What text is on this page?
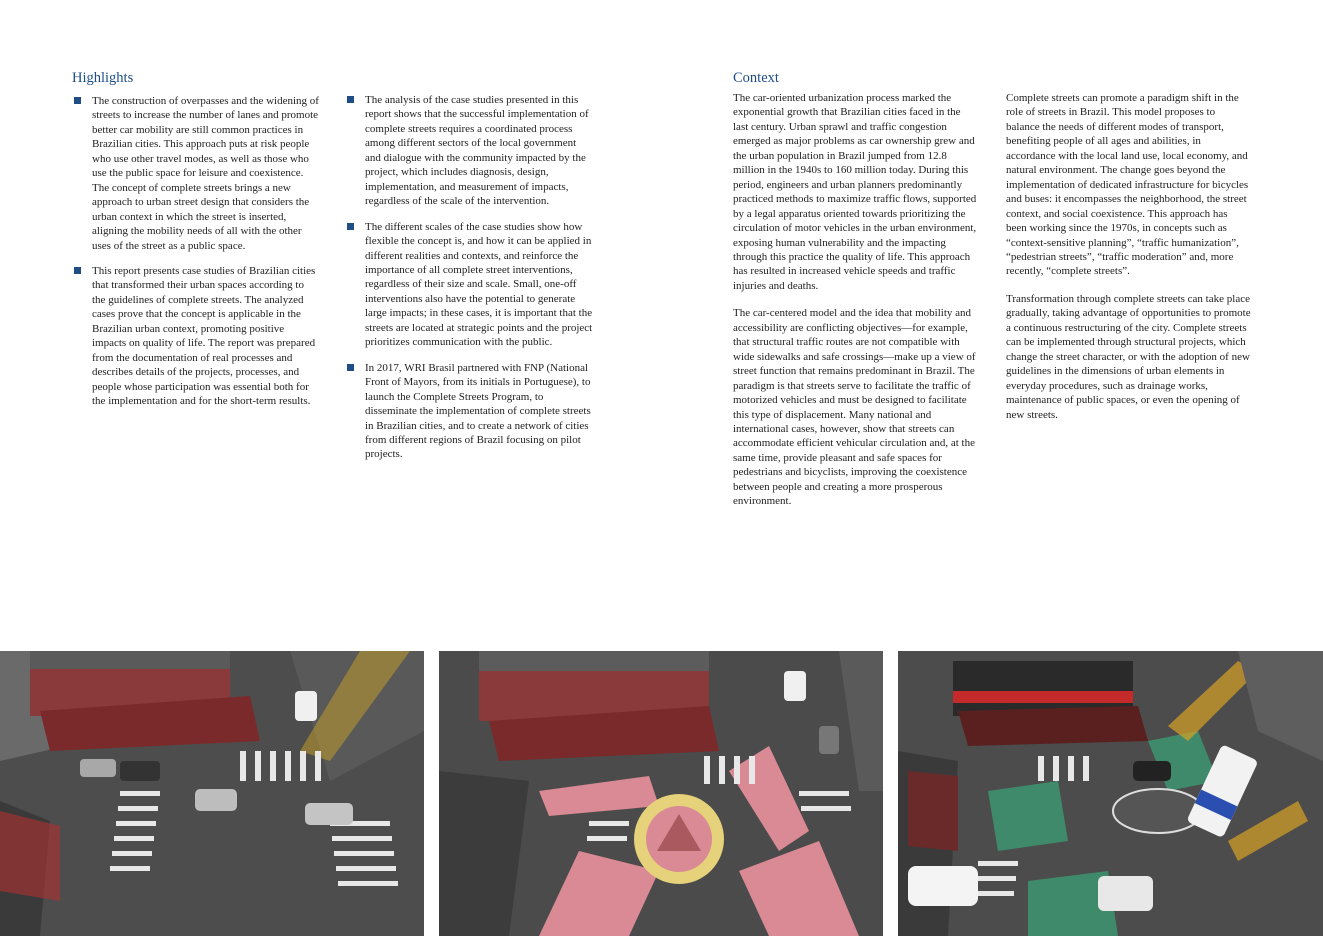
Highlights
The construction of overpasses and the widening of streets to increase the number of lanes and promote better car mobility are still common practices in Brazilian cities. This approach puts at risk people who use other travel modes, as well as those who use the public space for leisure and coexistence. The concept of complete streets brings a new approach to urban street design that considers the urban context in which the street is inserted, aligning the mobility needs of all with the other uses of the street as a public space.
This report presents case studies of Brazilian cities that transformed their urban spaces according to the guidelines of complete streets. The analyzed cases prove that the concept is applicable in the Brazilian urban context, promoting positive impacts on quality of life. The report was prepared from the documentation of real processes and describes details of the projects, processes, and people whose participation was essential both for the implementation and for the short-term results.
The analysis of the case studies presented in this report shows that the successful implementation of complete streets requires a coordinated process among different sectors of the local government and dialogue with the community impacted by the project, which includes diagnosis, design, implementation, and measurement of impacts, regardless of the scale of the intervention.
The different scales of the case studies show how flexible the concept is, and how it can be applied in different realities and contexts, and reinforce the importance of all complete street interventions, regardless of their size and scale. Small, one-off interventions also have the potential to generate large impacts; in these cases, it is important that the streets are located at strategic points and the project prioritizes communication with the public.
In 2017, WRI Brasil partnered with FNP (National Front of Mayors, from its initials in Portuguese), to launch the Complete Streets Program, to disseminate the implementation of complete streets in Brazilian cities, and to create a network of cities from different regions of Brazil focusing on pilot projects.
Context

The car-oriented urbanization process marked the exponential growth that Brazilian cities faced in the last century. Urban sprawl and traffic congestion emerged as major problems as car ownership grew and the urban population in Brazil jumped from 12.8 million in the 1940s to 160 million today. During this period, engineers and urban planners predominantly practiced methods to maximize traffic flows, supported by a legal apparatus oriented towards prioritizing the circulation of motor vehicles in the urban environment, exposing human vulnerability and the impacting through this practice the quality of life. This approach has resulted in increased vehicle speeds and traffic injuries and deaths.

The car-centered model and the idea that mobility and accessibility are conflicting objectives—for example, that structural traffic routes are not compatible with wide sidewalks and safe crossings—make up a view of street function that remains predominant in Brazil. The paradigm is that streets serve to facilitate the traffic of motorized vehicles and must be designed to facilitate this type of displacement. Many national and international cases, however, show that streets can accommodate efficient vehicular circulation and, at the same time, provide pleasant and safe spaces for pedestrians and bicyclists, improving the coexistence between people and creating a more prosperous environment.

Complete streets can promote a paradigm shift in the role of streets in Brazil. This model proposes to balance the needs of different modes of transport, benefiting people of all ages and abilities, in accordance with the local land use, local economy, and natural environment. The change goes beyond the implementation of dedicated infrastructure for bicycles and buses: it encompasses the neighborhood, the street context, and social coexistence. This approach has been working since the 1970s, in concepts such as “context-sensitive planning”, “traffic humanization”, “pedestrian streets”, “traffic moderation” and, more recently, “complete streets”.

Transformation through complete streets can take place gradually, taking advantage of opportunities to promote a continuous restructuring of the city. Complete streets can be implemented through structural projects, which change the street character, or with the adoption of new guidelines in the dimensions of urban elements in everyday procedures, such as drainage works, maintenance of public spaces, or even the opening of new streets.
